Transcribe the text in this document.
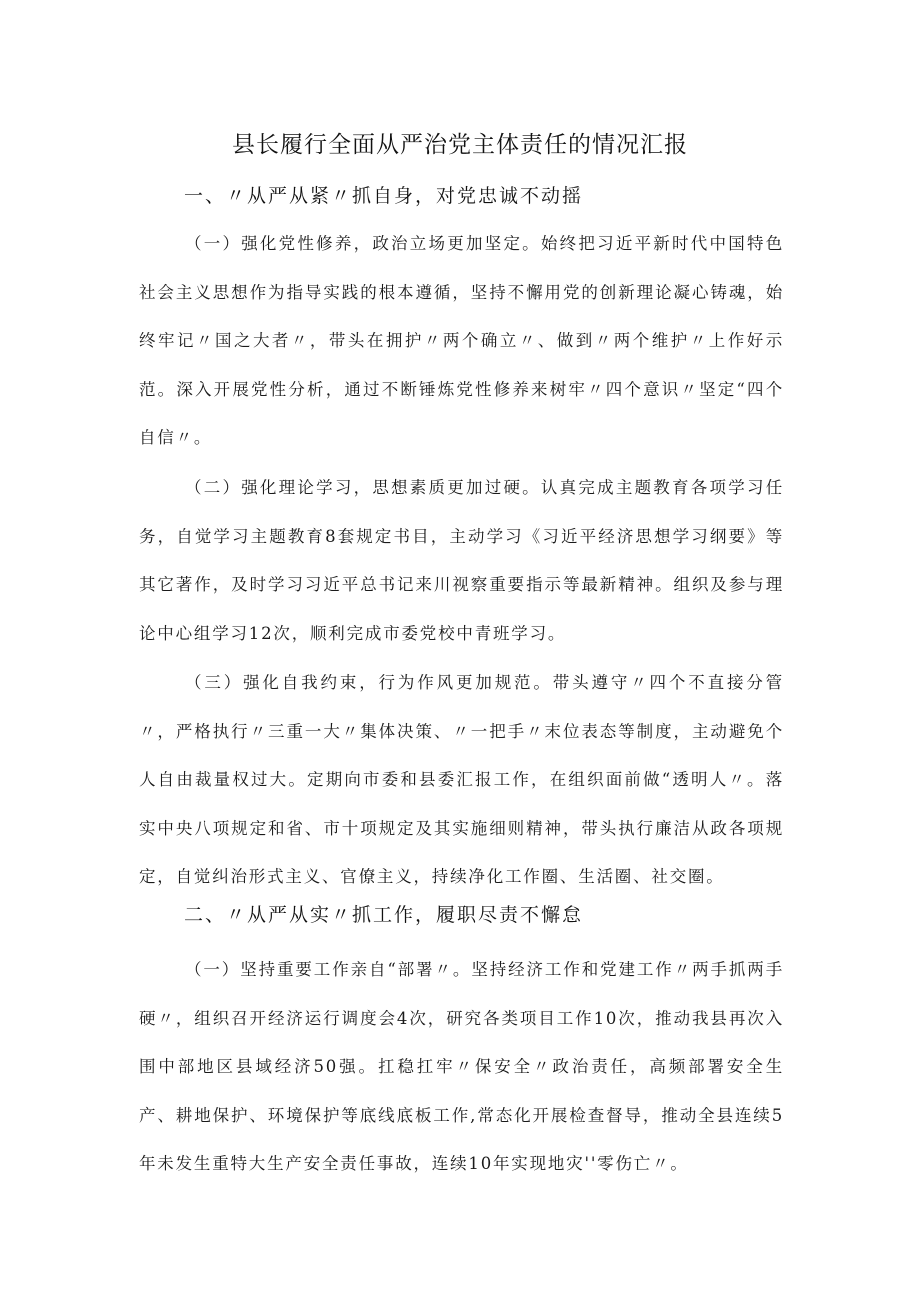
县长履行全面从严治党主体责任的情况汇报
一、〃从严从紧〃抓自身，对党忠诚不动摇

（一）强化党性修养，政治立场更加坚定。始终把习近平新时代中国特色社会主义思想作为指导实践的根本遵循，坚持不懈用党的创新理论凝心铸魂，始终牢记〃国之大者〃，带头在拥护〃两个确立〃、做到〃两个维护〃上作好示范。深入开展党性分析，通过不断锤炼党性修养来树牢〃四个意识〃坚定“四个自信〃。

（二）强化理论学习，思想素质更加过硬。认真完成主题教育各项学习任务，自觉学习主题教育8套规定书目，主动学习《习近平经济思想学习纲要》等其它著作，及时学习习近平总书记来川视察重要指示等最新精神。组织及参与理论中心组学习12次，顺利完成市委党校中青班学习。

（三）强化自我约束，行为作风更加规范。带头遵守〃四个不直接分管〃，严格执行〃三重一大〃集体决策、〃一把手〃末位表态等制度，主动避免个人自由裁量权过大。定期向市委和县委汇报工作，在组织面前做“透明人〃。落实中央八项规定和省、市十项规定及其实施细则精神，带头执行廉洁从政各项规定，自觉纠治形式主义、官僚主义，持续净化工作圈、生活圈、社交圈。

二、〃从严从实〃抓工作，履职尽责不懈怠

（一）坚持重要工作亲自“部署〃。坚持经济工作和党建工作〃两手抓两手硬〃，组织召开经济运行调度会4次，研究各类项目工作10次，推动我县再次入围中部地区县域经济50强。扛稳扛牢〃保安全〃政治责任，高频部署安全生产、耕地保护、环境保护等底线底板工作,常态化开展检查督导，推动全县连续5年未发生重特大生产安全责任事故，连续10年实现地灾''零伤亡〃。
